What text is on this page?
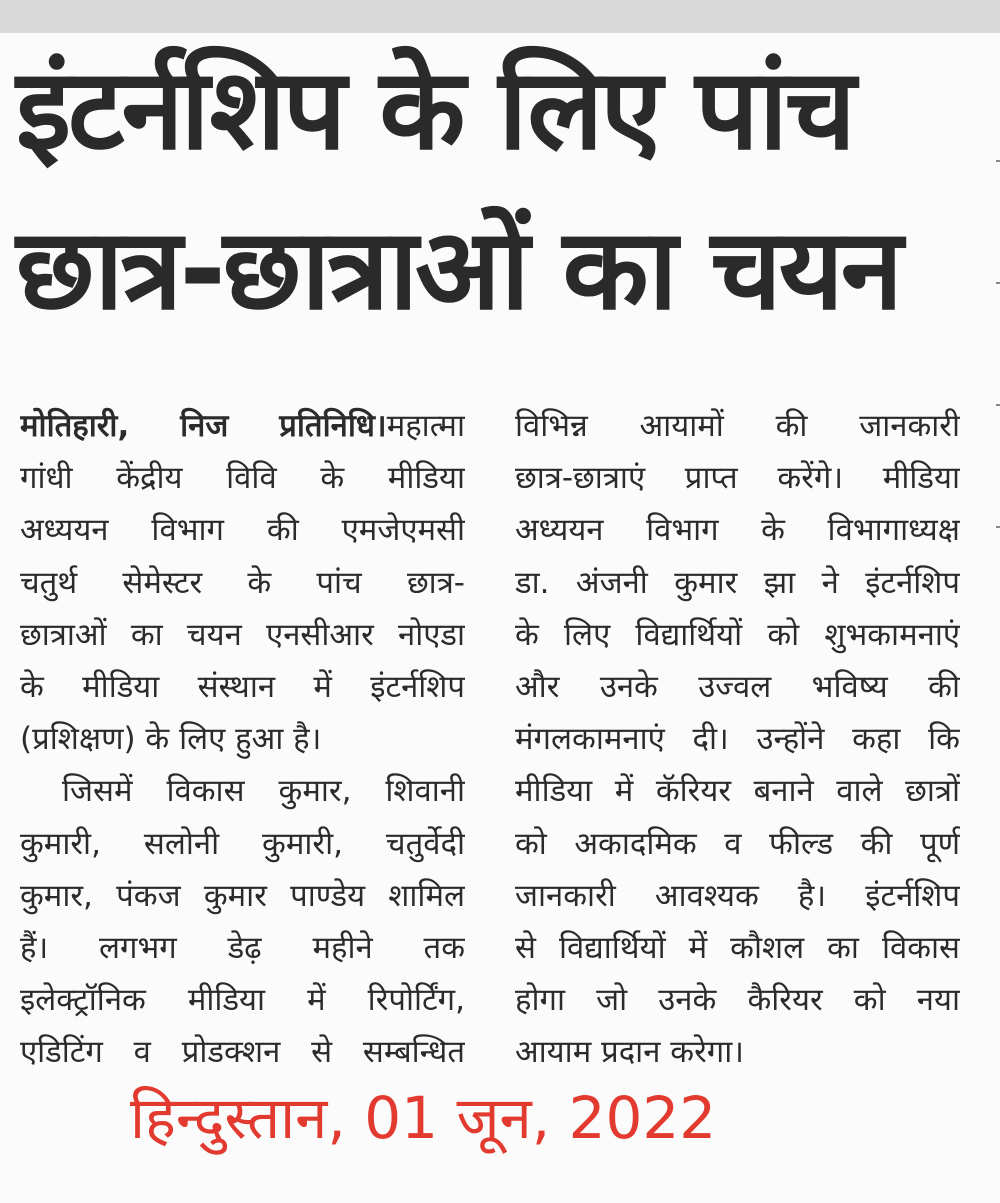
इंटर्नशिप के लिए पांच
छात्र-छात्राओं का चयन
मोतिहारी, निज प्रतिनिधि।महात्मा
गांधी केंद्रीय विवि के मीडिया
अध्ययन विभाग की एमजेएमसी
चतुर्थ सेमेस्टर के पांच छात्र-
छात्राओं का चयन एनसीआर नोएडा
के मीडिया संस्थान में इंटर्नशिप
(प्रशिक्षण) के लिए हुआ है।
जिसमें विकास कुमार, शिवानी
कुमारी, सलोनी कुमारी, चतुर्वेदी
कुमार, पंकज कुमार पाण्डेय शामिल
हैं। लगभग डेढ़ महीने तक
इलेक्ट्रॉनिक मीडिया में रिपोर्टिंग,
एडिटिंग व प्रोडक्शन से सम्बन्धित
विभिन्न आयामों की जानकारी
छात्र-छात्राएं प्राप्त करेंगे। मीडिया
अध्ययन विभाग के विभागाध्यक्ष
डा. अंजनी कुमार झा ने इंटर्नशिप
के लिए विद्यार्थियों को शुभकामनाएं
और उनके उज्वल भविष्य की
मंगलकामनाएं दी। उन्होंने कहा कि
मीडिया में कॅरियर बनाने वाले छात्रों
को अकादमिक व फील्ड की पूर्ण
जानकारी आवश्यक है। इंटर्नशिप
से विद्यार्थियों में कौशल का विकास
होगा जो उनके कैरियर को नया
आयाम प्रदान करेगा।
हिन्दुस्तान, 01 जून, 2022
